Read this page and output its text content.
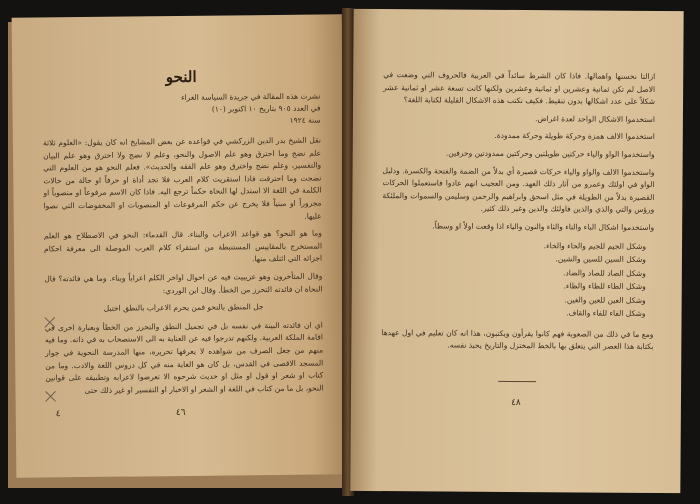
النحو
نشرت هذه المقالة في جريدة السياسة الغراء
في العدد ٩٠٥ بتاريخ ١٠ اكتوبر (١٠)
سنة ١٩٢٤

نقل الشيخ بدر الدين الزركشي في قواعده عن بعض المشايخ انه كان يقول: «العلوم ثلاثة علم نضج وما احترق وهو علم الاصول والنحو، وعلم لا نضج ولا احترق وهو علم البيان والتفسير، وعلم نضج واحترق وهو علم الفقه والحديث». فعلم النحو هو من العلوم التي نضجت وما احترقت فاذا استقريت كلام العرب فلا تجد أداة او حرفاً او حالة من حالات الكلمة في اللغة الا استدل لها النحاة حكماً ترجع اليه. فاذا كان الاسم مرفوعاً او منصوباً او مجروراً او مبنياً فلا يخرج عن حكم المرفوعات او المنصوبات او المخفوضات التي نصوا عليها.

وما هو النحو؟ هو قواعد الاعراب والبناء. قال القدماء: النحو في الاصطلاح هو العلم المستخرج بالمقاييس المستنبطة من استقراء كلام العرب الموصلة الى معرفة احكام اجزائه التي ائتلف منها.

وقال المتأخرون وهو عزيبيت فيه عن احوال اواخر الكلم اعراباً وبناء. وما هي فائدته؟ قال النحاة ان فائدته التحرز من الخطأ. وقال ابن الوردي:

جل المنطق بالنحو فمن يحرم الاعراب بالنطق اختبل

اي ان فائدته البينة في نفسه بل في تجميل النطق والتحرز من الخطأ وبعبارة اخرى في اقامة الملكة العربية. ولكنهم تدرجوا فيه عن العناية به الى الاستصحاب به في ذاته. وما فيه منهم من جعل الصرف من شواهده لا يعرفها تحريره، منها المدرسة النحوية في جوار المسجد الاقصى في القدس، بل كان هو الغاية منه في كل دروس اللغة والادب. وما من كتاب او شعر او قول او مثل او حديث شرحوه الا تعرضوا لاعرابه وتطبيقه على قوانين النحو، بل ما من كتاب في اللغة او الشعر او الاخبار او التفسير او غير ذلك حتى

٤٦
٤

ازالتا نحسنها واهمالها. فاذا كان الشرط سائداً في العربية فالحروف التي وضعت في الاصل لم تكن ثمانية وعشرين او ثمانية وعشرين ولكنها كانت تسعة عشر او ثمانية عشر شكلاً على عدد اشكالها بدون تنقيط. فكيف نكتب هذه الاشكال القليلة لكتابة اللغة؟

استخدموا الاشكال الواحد لعدة اغراض.

استخدموا الالف همزة وحركة طويلة وحركة ممدودة.

واستخدموا الواو والياء حركتين طويلتين وحركتين ممدودتين وحرفين.

واستخدموا الالف والواو والياء حركات قصيرة أي بدلاً من الضمة والفتحة والكسرة. ودليل الواو في اولئك وعمرو من آثار ذلك العهد. ومن العجيب انهم عادوا فاستعملوا الحركات القصيرة بدلاً من الطويلة في مثل اسحق وابراهيم والرحمن وسليمن والسموات والملئكة ورؤس والتي والذي والذين فاولئك والذين وغير ذلك كثير.

واستخدموا اشكال الباء والتاء والثاء والنون والياء اذا وقعت اولاً او وسطاً.

وشكل الجيم للجيم والحاء والخاء.
وشكل السين للسين والشين.
وشكل الصاد للصاد والضاد.
وشكل الطاء للطاء والظاء.
وشكل العين للعين والغين.
وشكل الفاء للفاء والقاف.

ومع ما في ذلك من الصعوبة فهم كانوا يقرأون ويكتبون، هذا انه كان تعليم في اول عهدها بكتابة هذا العصر التي يتعلق بها بالخط المختزل والتاريخ يحبذ نفسه.

٤٨
